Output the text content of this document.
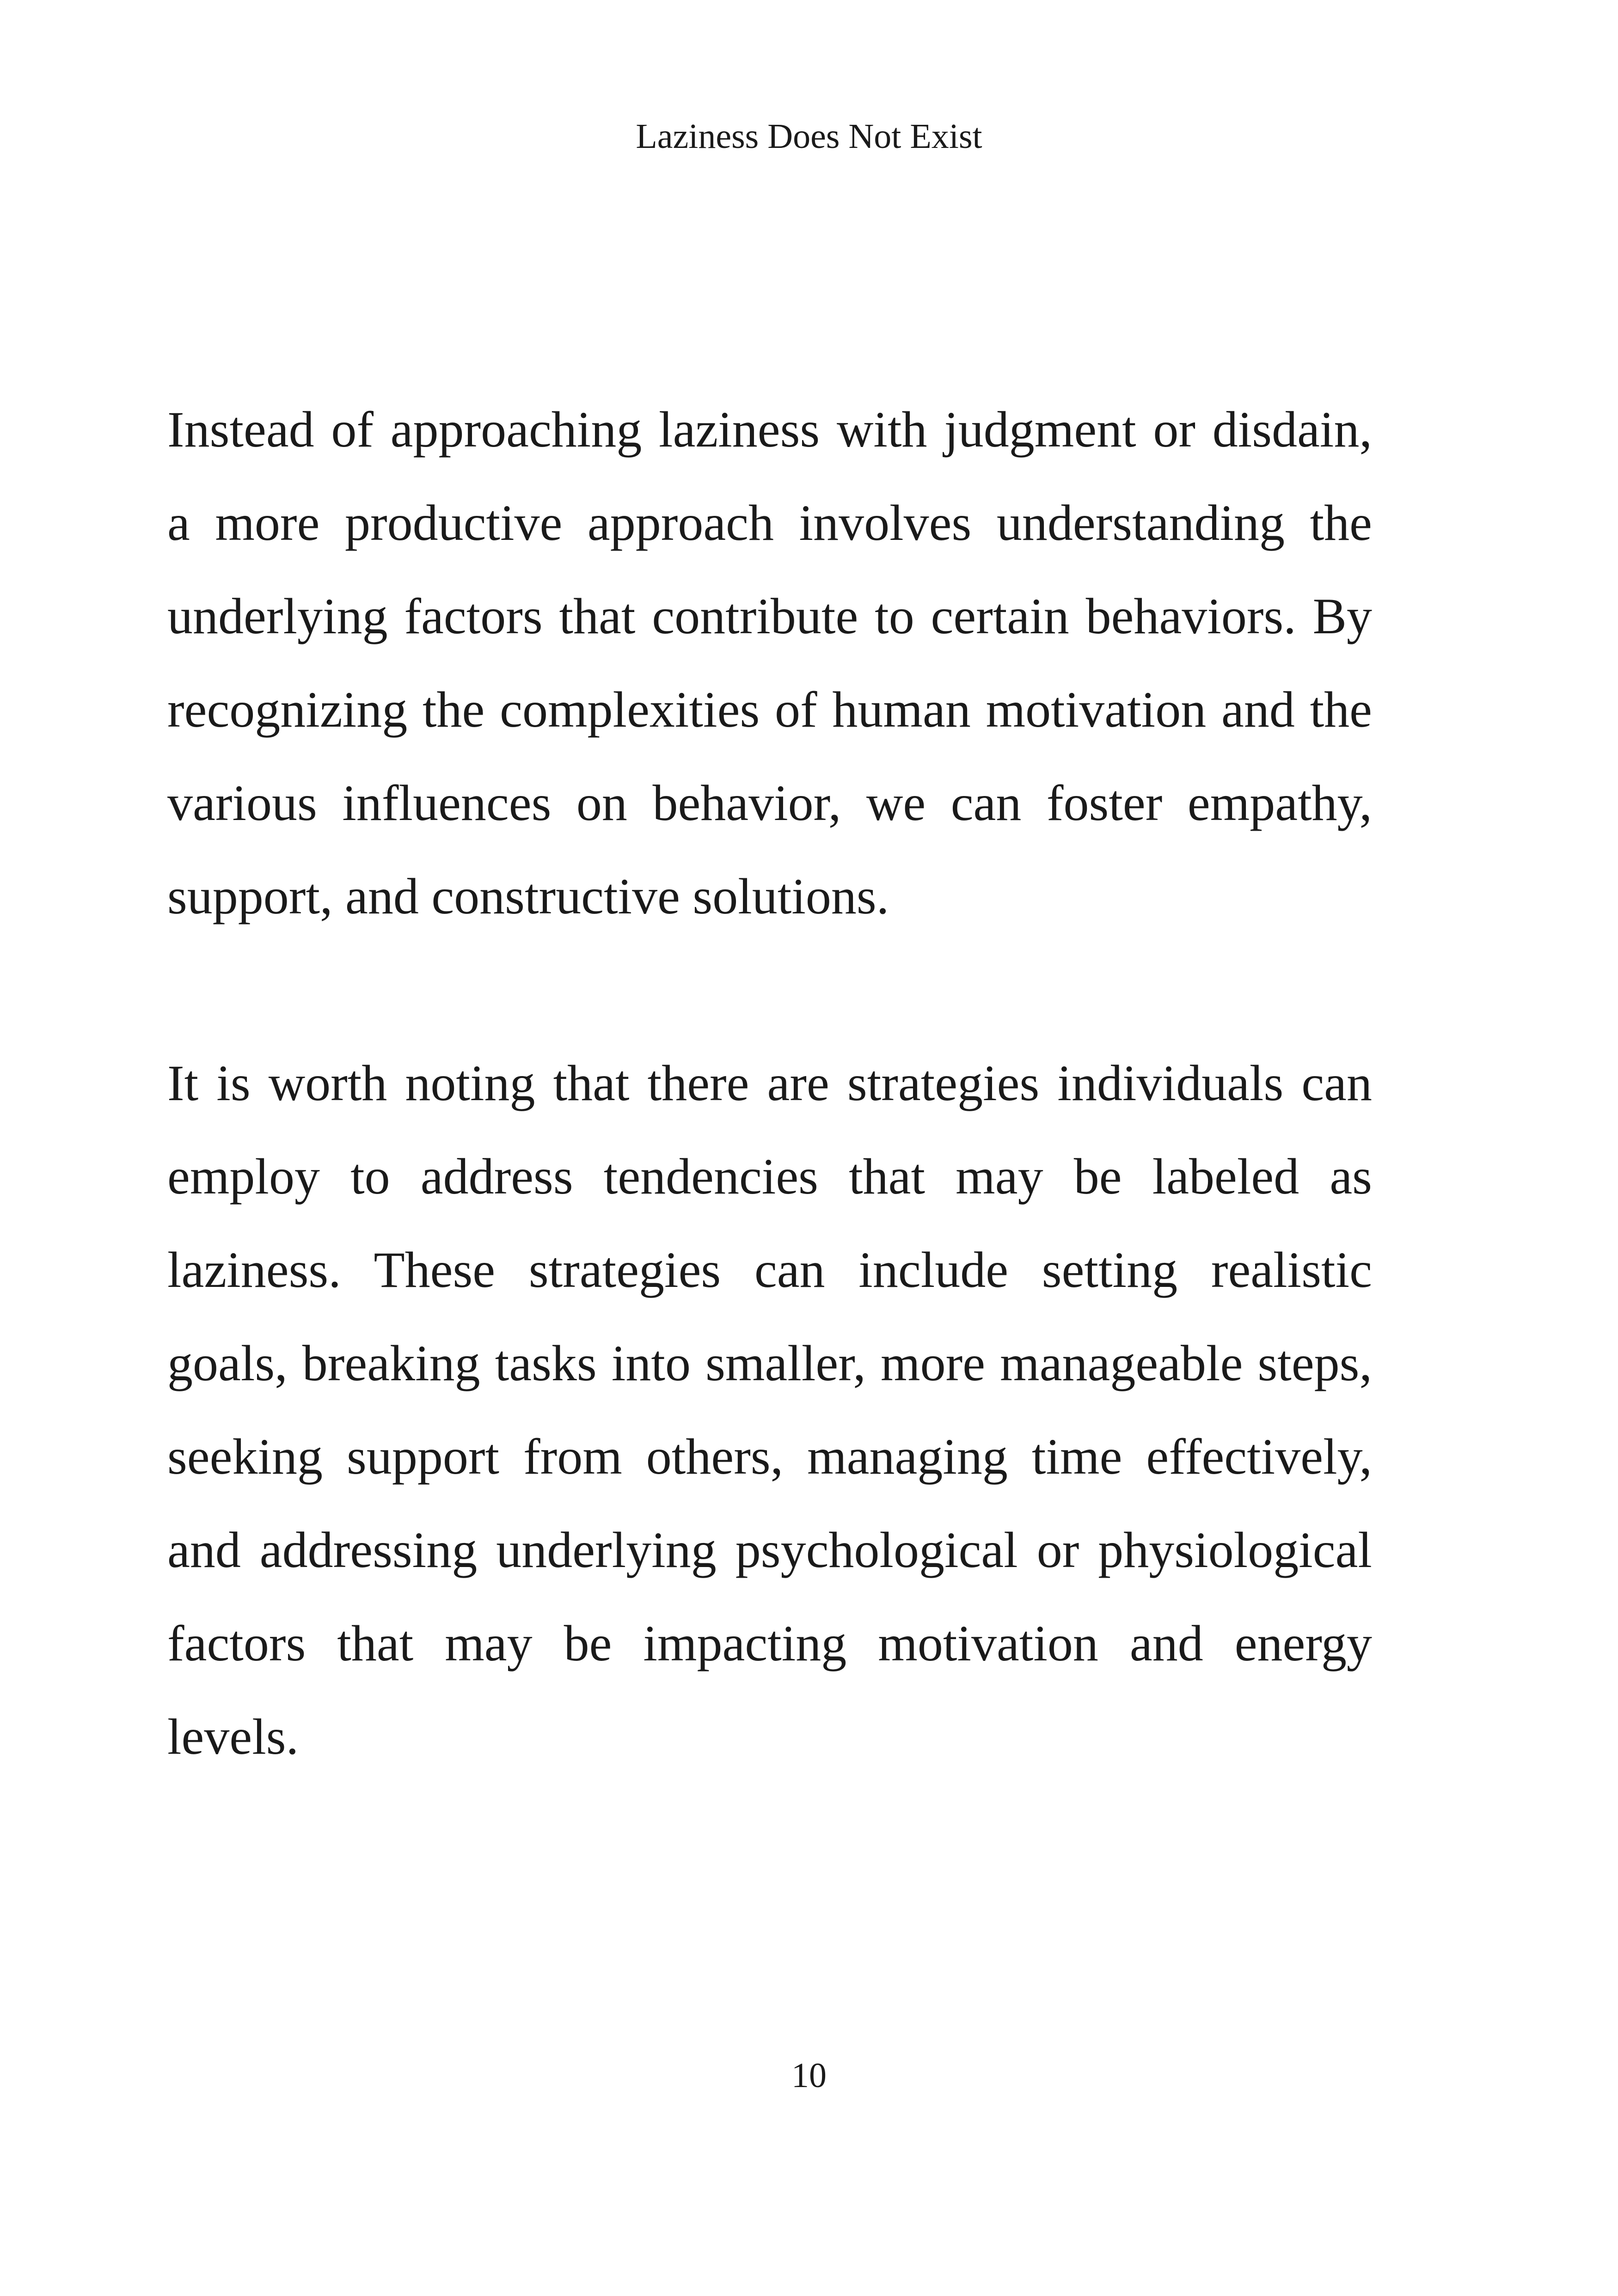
Laziness Does Not Exist

Instead of approaching laziness with judgment or disdain, a more productive approach involves understanding the underlying factors that contribute to certain behaviors. By recognizing the complexities of human motivation and the various influences on behavior, we can foster empathy, support, and constructive solutions.

It is worth noting that there are strategies individuals can employ to address tendencies that may be labeled as laziness. These strategies can include setting realistic goals, breaking tasks into smaller, more manageable steps, seeking support from others, managing time effectively, and addressing underlying psychological or physiological factors that may be impacting motivation and energy levels.

10
